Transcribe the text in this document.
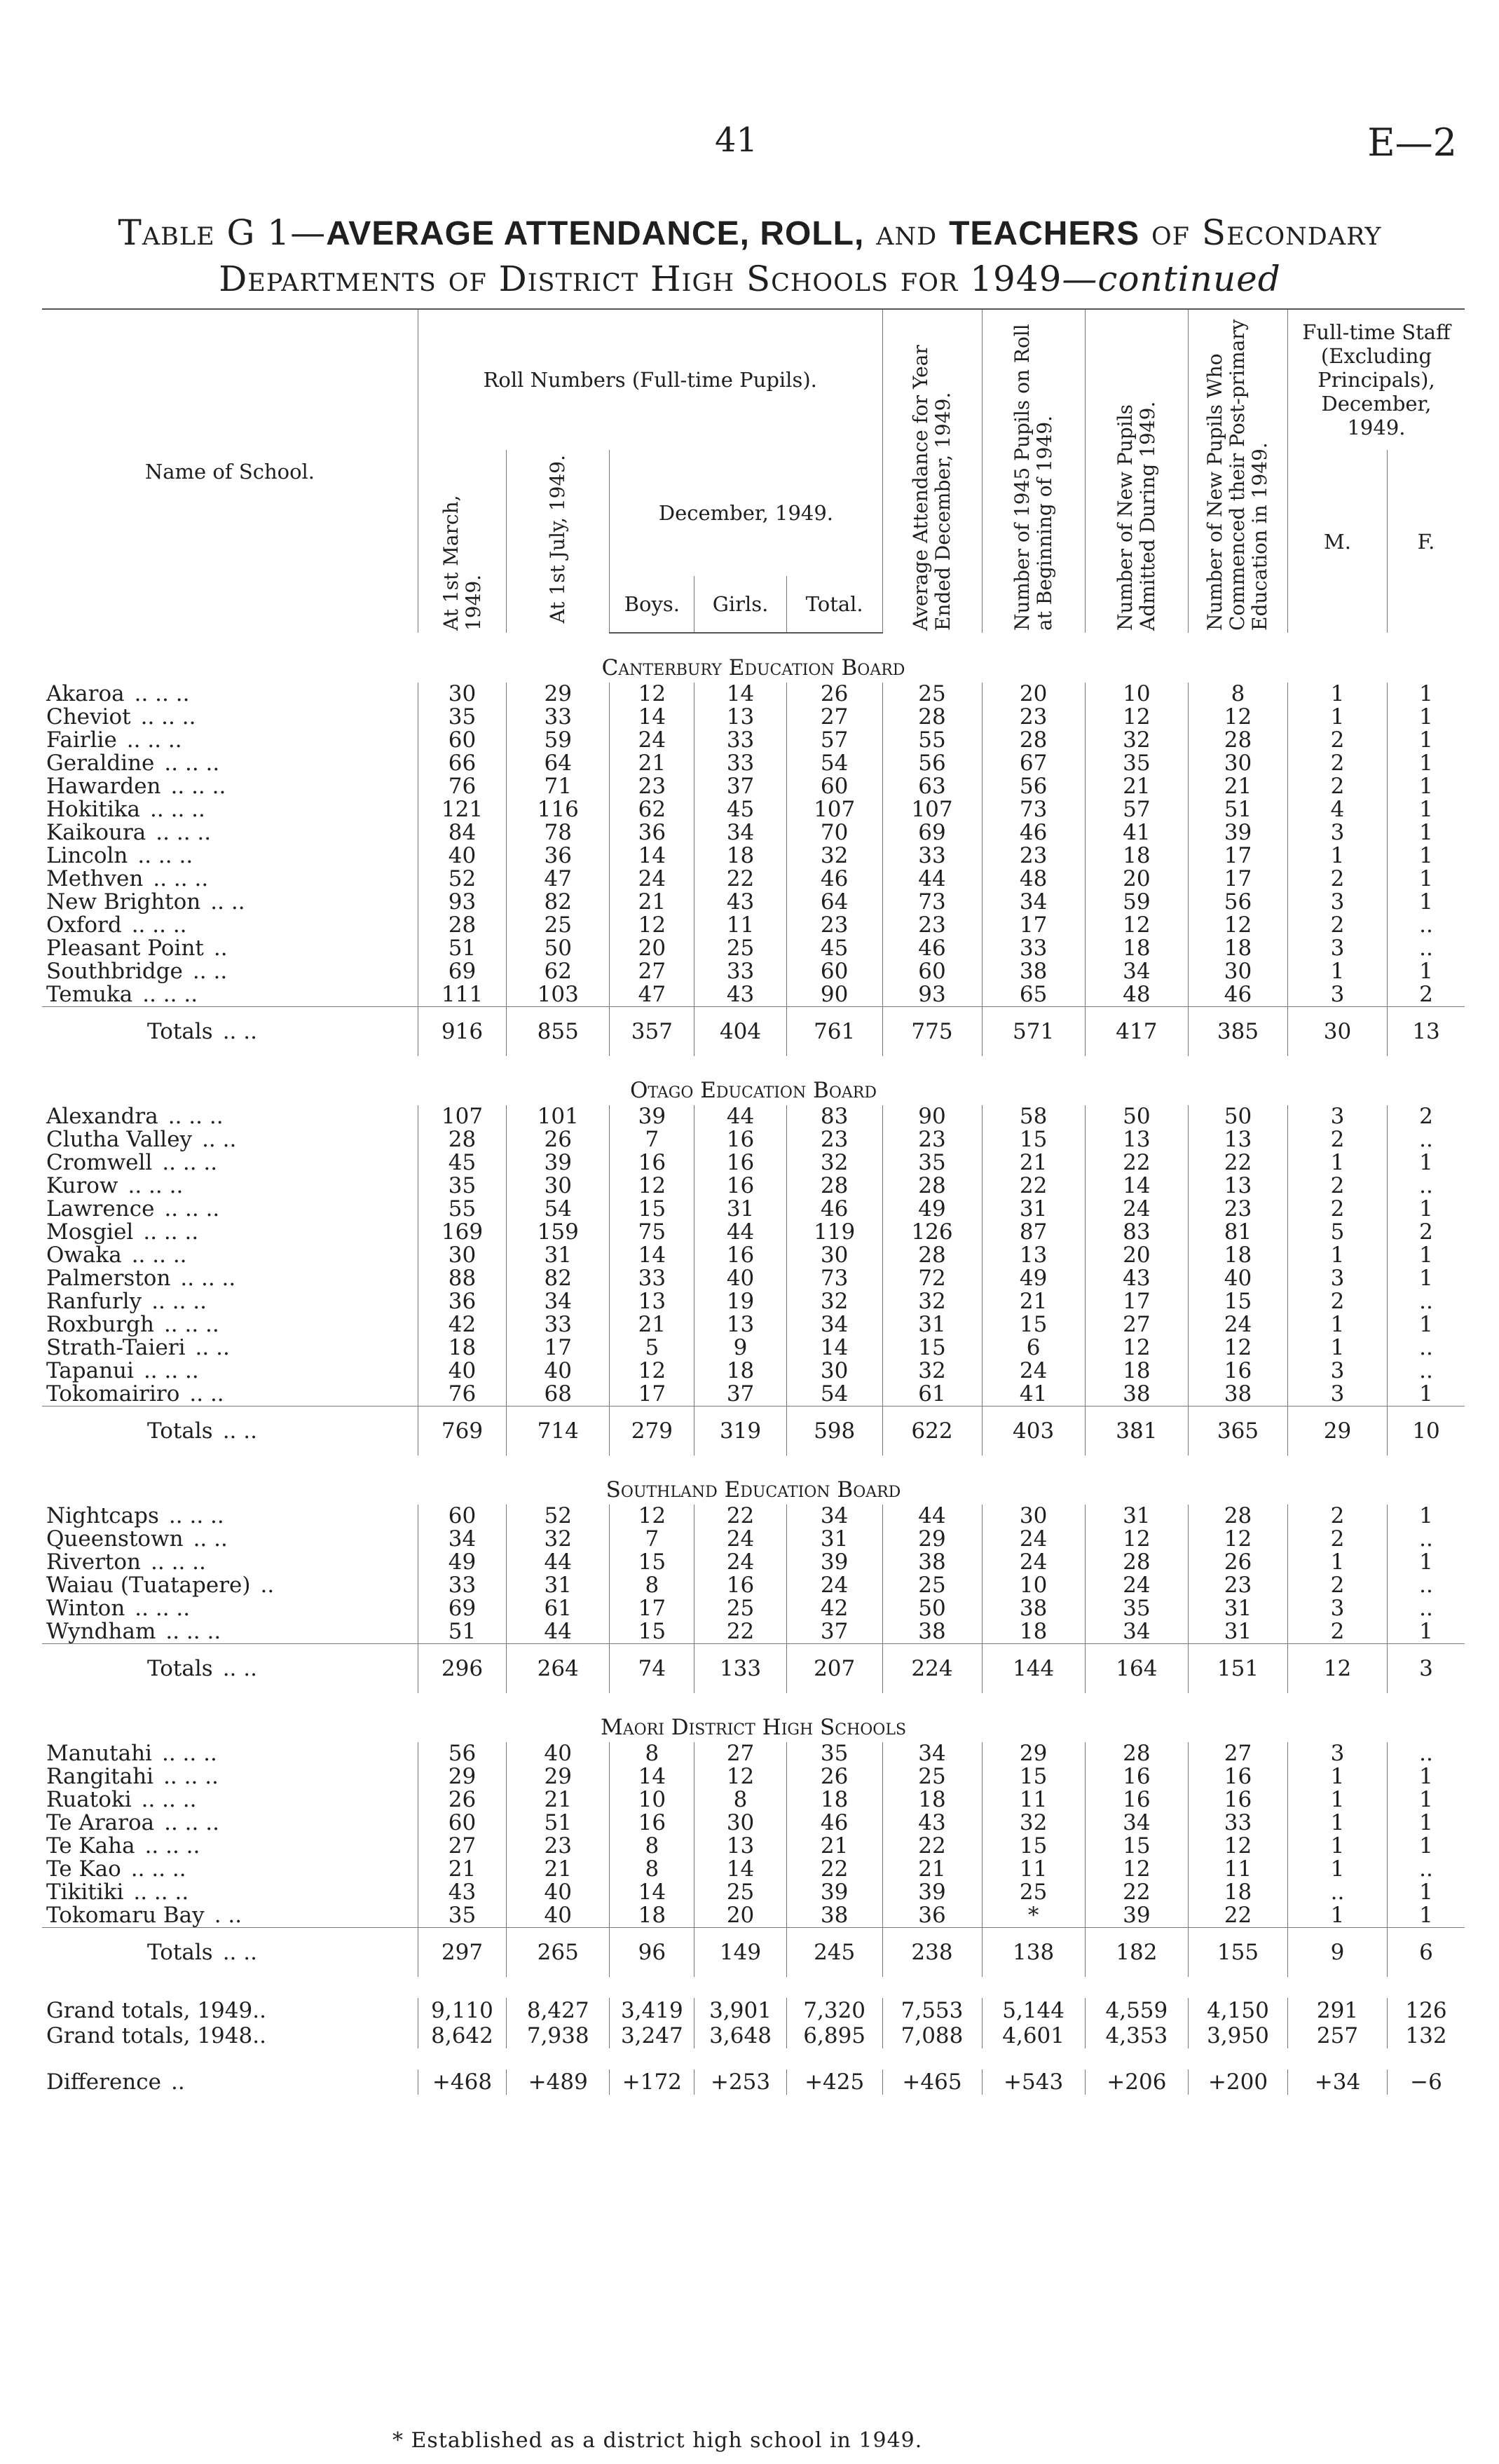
41	E—2
Table G 1—AVERAGE ATTENDANCE, ROLL, and TEACHERS of Secondary
Departments of District High Schools for 1949—continued
Name of School.	Roll Numbers (Full-time Pupils).					Average Attendance for Year Ended December, 1949.	Number of 1945 Pupils on Roll at Beginning of 1949.	Number of New Pupils Admitted During 1949.	Number of New Pupils Who Commenced their Post-primary Education in 1949.	Full-time Staff (Excluding Principals), December, 1949.	
	At 1st March, 1949.	At 1st July, 1949.	December, 1949.							M.	F.
			Boys.	Girls.	Total.						
Canterbury Education Board											
Akaroa .. .. ..	30	29	12	14	26	25	20	10	8	1	1
Cheviot .. .. ..	35	33	14	13	27	28	23	12	12	1	1
Fairlie .. .. ..	60	59	24	33	57	55	28	32	28	2	1
Geraldine .. .. ..	66	64	21	33	54	56	67	35	30	2	1
Hawarden .. .. ..	76	71	23	37	60	63	56	21	21	2	1
Hokitika .. .. ..	121	116	62	45	107	107	73	57	51	4	1
Kaikoura .. .. ..	84	78	36	34	70	69	46	41	39	3	1
Lincoln .. .. ..	40	36	14	18	32	33	23	18	17	1	1
Methven .. .. ..	52	47	24	22	46	44	48	20	17	2	1
New Brighton .. ..	93	82	21	43	64	73	34	59	56	3	1
Oxford .. .. ..	28	25	12	11	23	23	17	12	12	2	..
Pleasant Point ..	51	50	20	25	45	46	33	18	18	3	..
Southbridge .. ..	69	62	27	33	60	60	38	34	30	1	1
Temuka .. .. ..	111	103	47	43	90	93	65	48	46	3	2
Totals .. ..	916	855	357	404	761	775	571	417	385	30	13
Otago Education Board											
Alexandra .. .. ..	107	101	39	44	83	90	58	50	50	3	2
Clutha Valley .. ..	28	26	7	16	23	23	15	13	13	2	..
Cromwell .. .. ..	45	39	16	16	32	35	21	22	22	1	1
Kurow .. .. ..	35	30	12	16	28	28	22	14	13	2	..
Lawrence .. .. ..	55	54	15	31	46	49	31	24	23	2	1
Mosgiel .. .. ..	169	159	75	44	119	126	87	83	81	5	2
Owaka .. .. ..	30	31	14	16	30	28	13	20	18	1	1
Palmerston .. .. ..	88	82	33	40	73	72	49	43	40	3	1
Ranfurly .. .. ..	36	34	13	19	32	32	21	17	15	2	..
Roxburgh .. .. ..	42	33	21	13	34	31	15	27	24	1	1
Strath-Taieri .. ..	18	17	5	9	14	15	6	12	12	1	..
Tapanui .. .. ..	40	40	12	18	30	32	24	18	16	3	..
Tokomairiro .. ..	76	68	17	37	54	61	41	38	38	3	1
Totals .. ..	769	714	279	319	598	622	403	381	365	29	10
Southland Education Board											
Nightcaps .. .. ..	60	52	12	22	34	44	30	31	28	2	1
Queenstown .. ..	34	32	7	24	31	29	24	12	12	2	..
Riverton .. .. ..	49	44	15	24	39	38	24	28	26	1	1
Waiau (Tuatapere) ..	33	31	8	16	24	25	10	24	23	2	..
Winton .. .. ..	69	61	17	25	42	50	38	35	31	3	..
Wyndham .. .. ..	51	44	15	22	37	38	18	34	31	2	1
Totals .. ..	296	264	74	133	207	224	144	164	151	12	3
Maori District High Schools											
Manutahi .. .. ..	56	40	8	27	35	34	29	28	27	3	..
Rangitahi .. .. ..	29	29	14	12	26	25	15	16	16	1	1
Ruatoki .. .. ..	26	21	10	8	18	18	11	16	16	1	1
Te Araroa .. .. ..	60	51	16	30	46	43	32	34	33	1	1
Te Kaha .. .. ..	27	23	8	13	21	22	15	15	12	1	1
Te Kao .. .. ..	21	21	8	14	22	21	11	12	11	1	..
Tikitiki .. .. ..	43	40	14	25	39	39	25	22	18	..	1
Tokomaru Bay . ..	35	40	18	20	38	36	*	39	22	1	1
Totals .. ..	297	265	96	149	245	238	138	182	155	9	6

Grand totals, 1949..	9,110	8,427	3,419	3,901	7,320	7,553	5,144	4,559	4,150	291	126
Grand totals, 1948..	8,642	7,938	3,247	3,648	6,895	7,088	4,601	4,353	3,950	257	132

Difference ..	+468	+489	+172	+253	+425	+465	+543	+206	+200	+34	−6
* Established as a district high school in 1949.
